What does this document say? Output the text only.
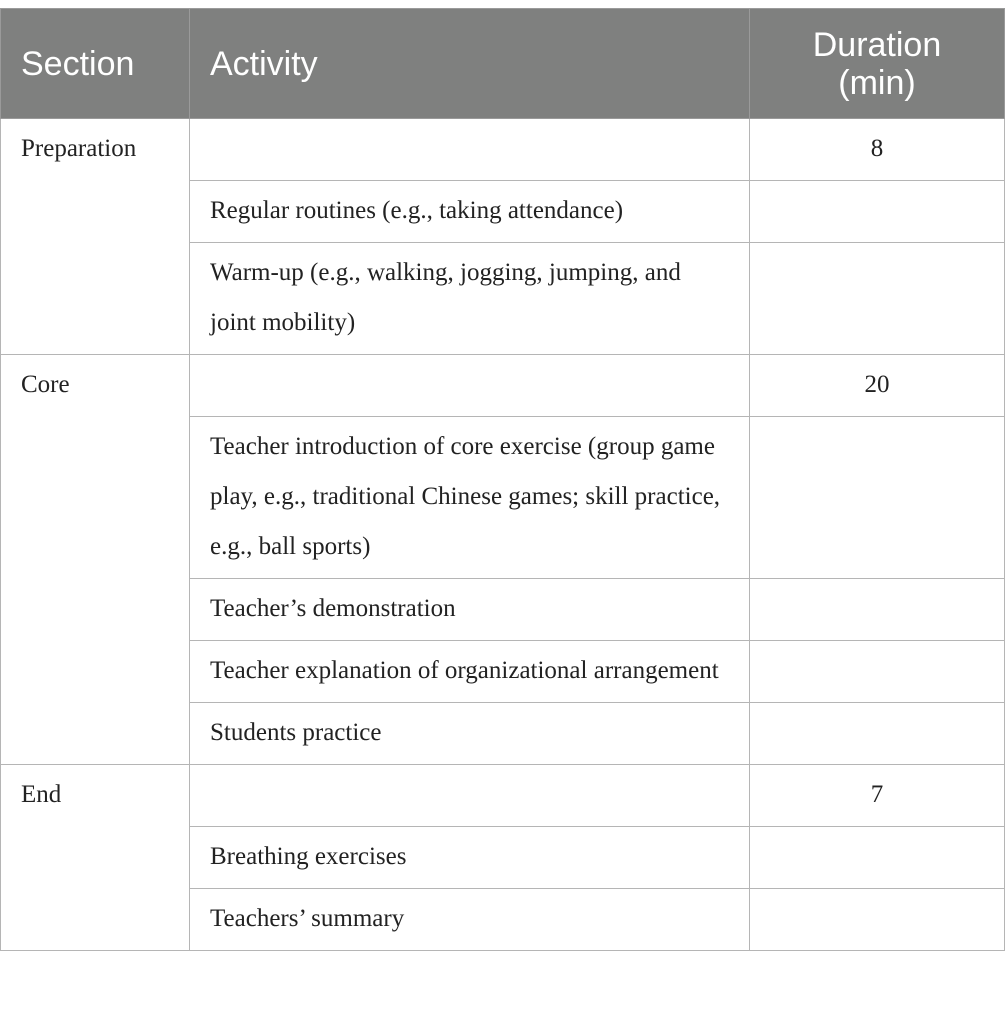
Section	Activity	Duration (min)
Preparation		8
	Regular routines (e.g., taking attendance)	
	Warm-up (e.g., walking, jogging, jumping, and joint mobility)	
Core		20
	Teacher introduction of core exercise (group game play, e.g., traditional Chinese games; skill practice, e.g., ball sports)	
	Teacher’s demonstration	
	Teacher explanation of organizational arrangement	
	Students practice	
End		7
	Breathing exercises	
	Teachers’ summary	
